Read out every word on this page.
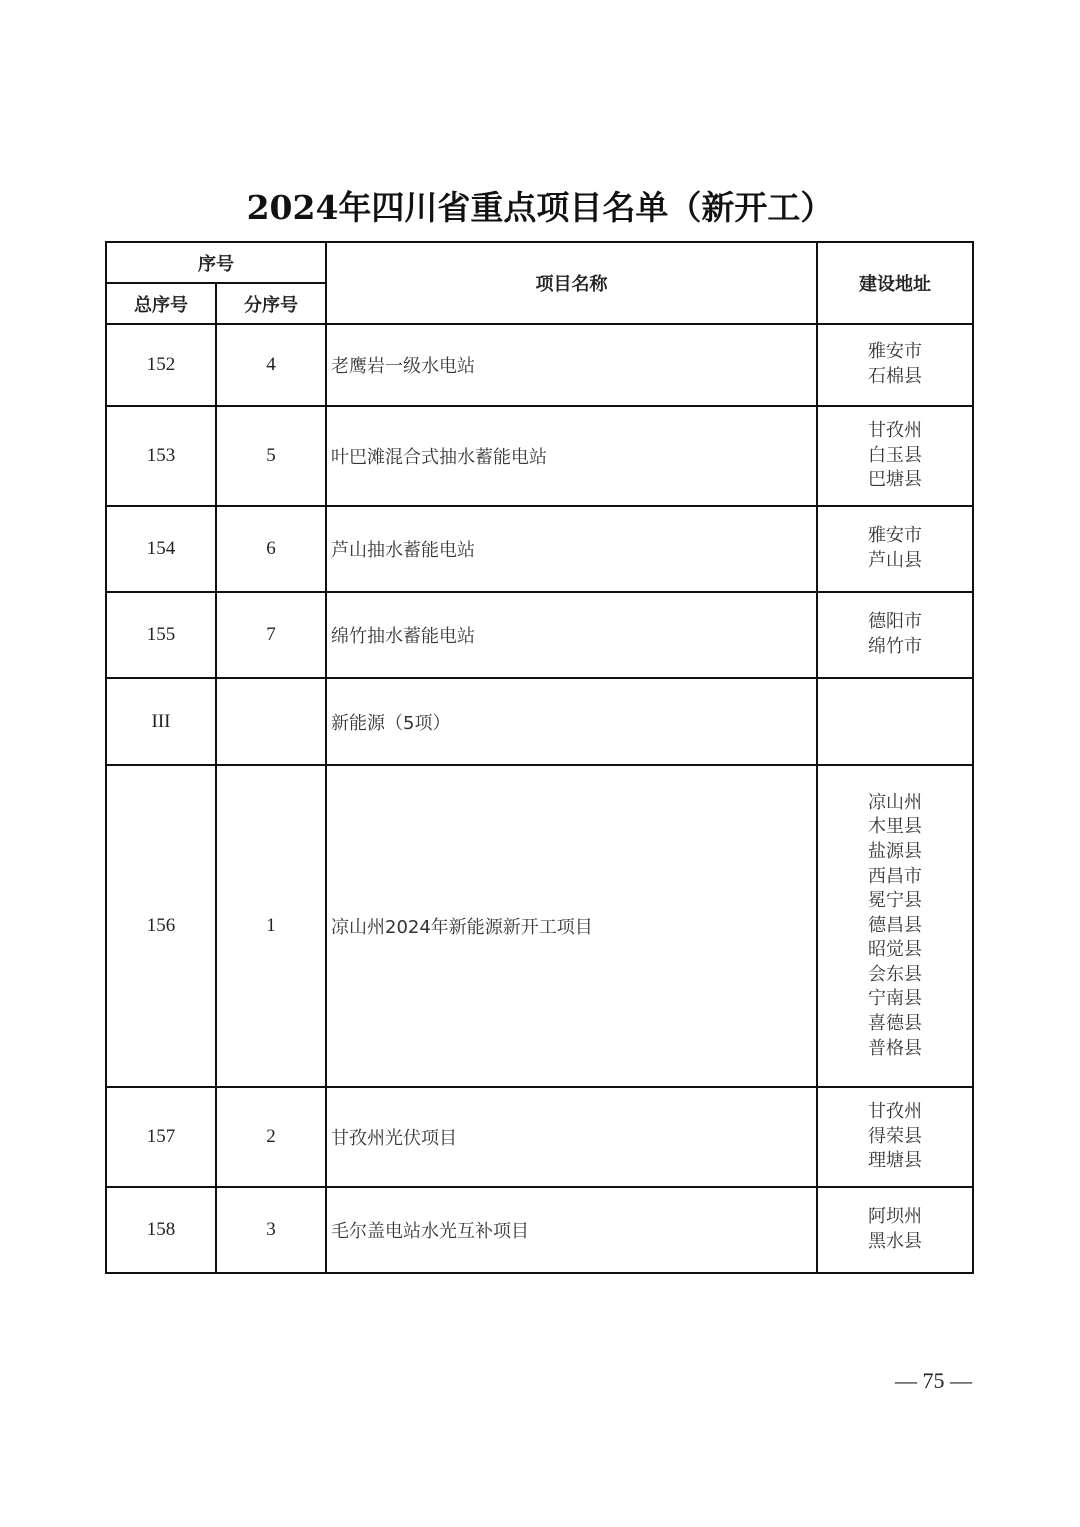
2024年四川省重点项目名单（新开工）
序号		项目名称	建设地址
总序号	分序号		
152	4	老鹰岩一级水电站	雅安市
石棉县

153	5	叶巴滩混合式抽水蓄能电站	甘孜州
白玉县
巴塘县

154	6	芦山抽水蓄能电站	雅安市
芦山县

155	7	绵竹抽水蓄能电站	德阳市
绵竹市

III		新能源（5项）	
156	1	凉山州2024年新能源新开工项目	
凉山州
木里县
盐源县
西昌市
冕宁县
德昌县
昭觉县
会东县
宁南县
喜德县
普格县

157	2	甘孜州光伏项目	甘孜州
得荣县
理塘县

158	3	毛尔盖电站水光互补项目	阿坝州
黑水县
— 75 —
